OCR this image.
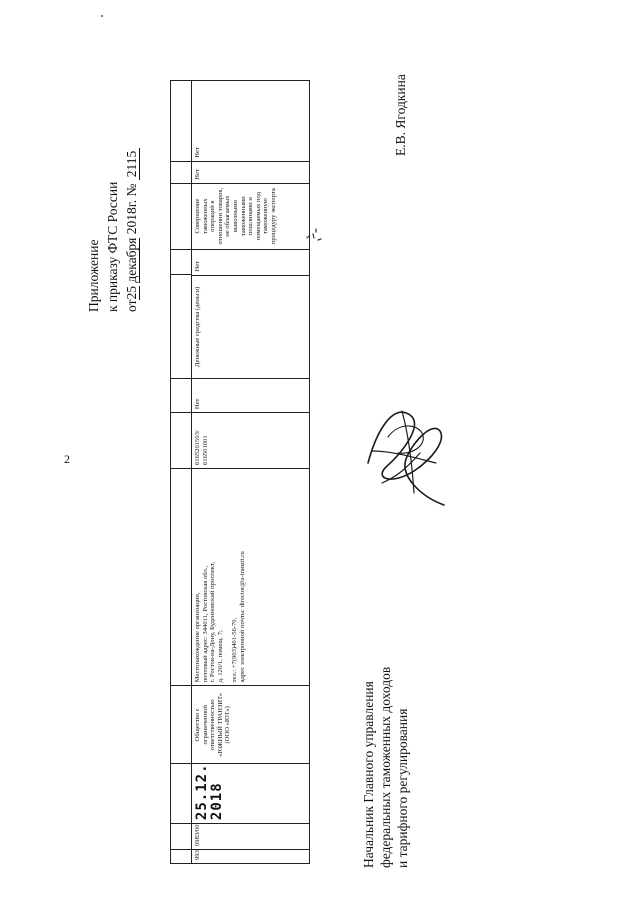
2
Приложение к приказу ФТС России от25 декабря 2018г. № 2115
993
0983/00
25.12. 2018
Общество с ограниченной ответственностью «ЮЖНЫЙ ТРАНЗИТ» (ООО «ЮТ»)
Местонахождение организации, почтовый адрес: 344011, Ростовская обл., г. Ростов-на-Дону, Буденновский проспект, д. 120/1, помещ. 7; тел.: +7(903)401-56-70, адрес электронной почты: director@u-tranzit.ru
6165201503/ 616501001
Нет
Денежные средства (деньги)
Нет
Совершение таможенных операций в отношении товаров, не облагаемых вывозными таможенными пошлинами и помещаемых под таможенную процедуру экспорта
Нет
Нет
Начальник Главного управления федеральных таможенных доходов и тарифного регулирования
Е.В. Ягодкина
